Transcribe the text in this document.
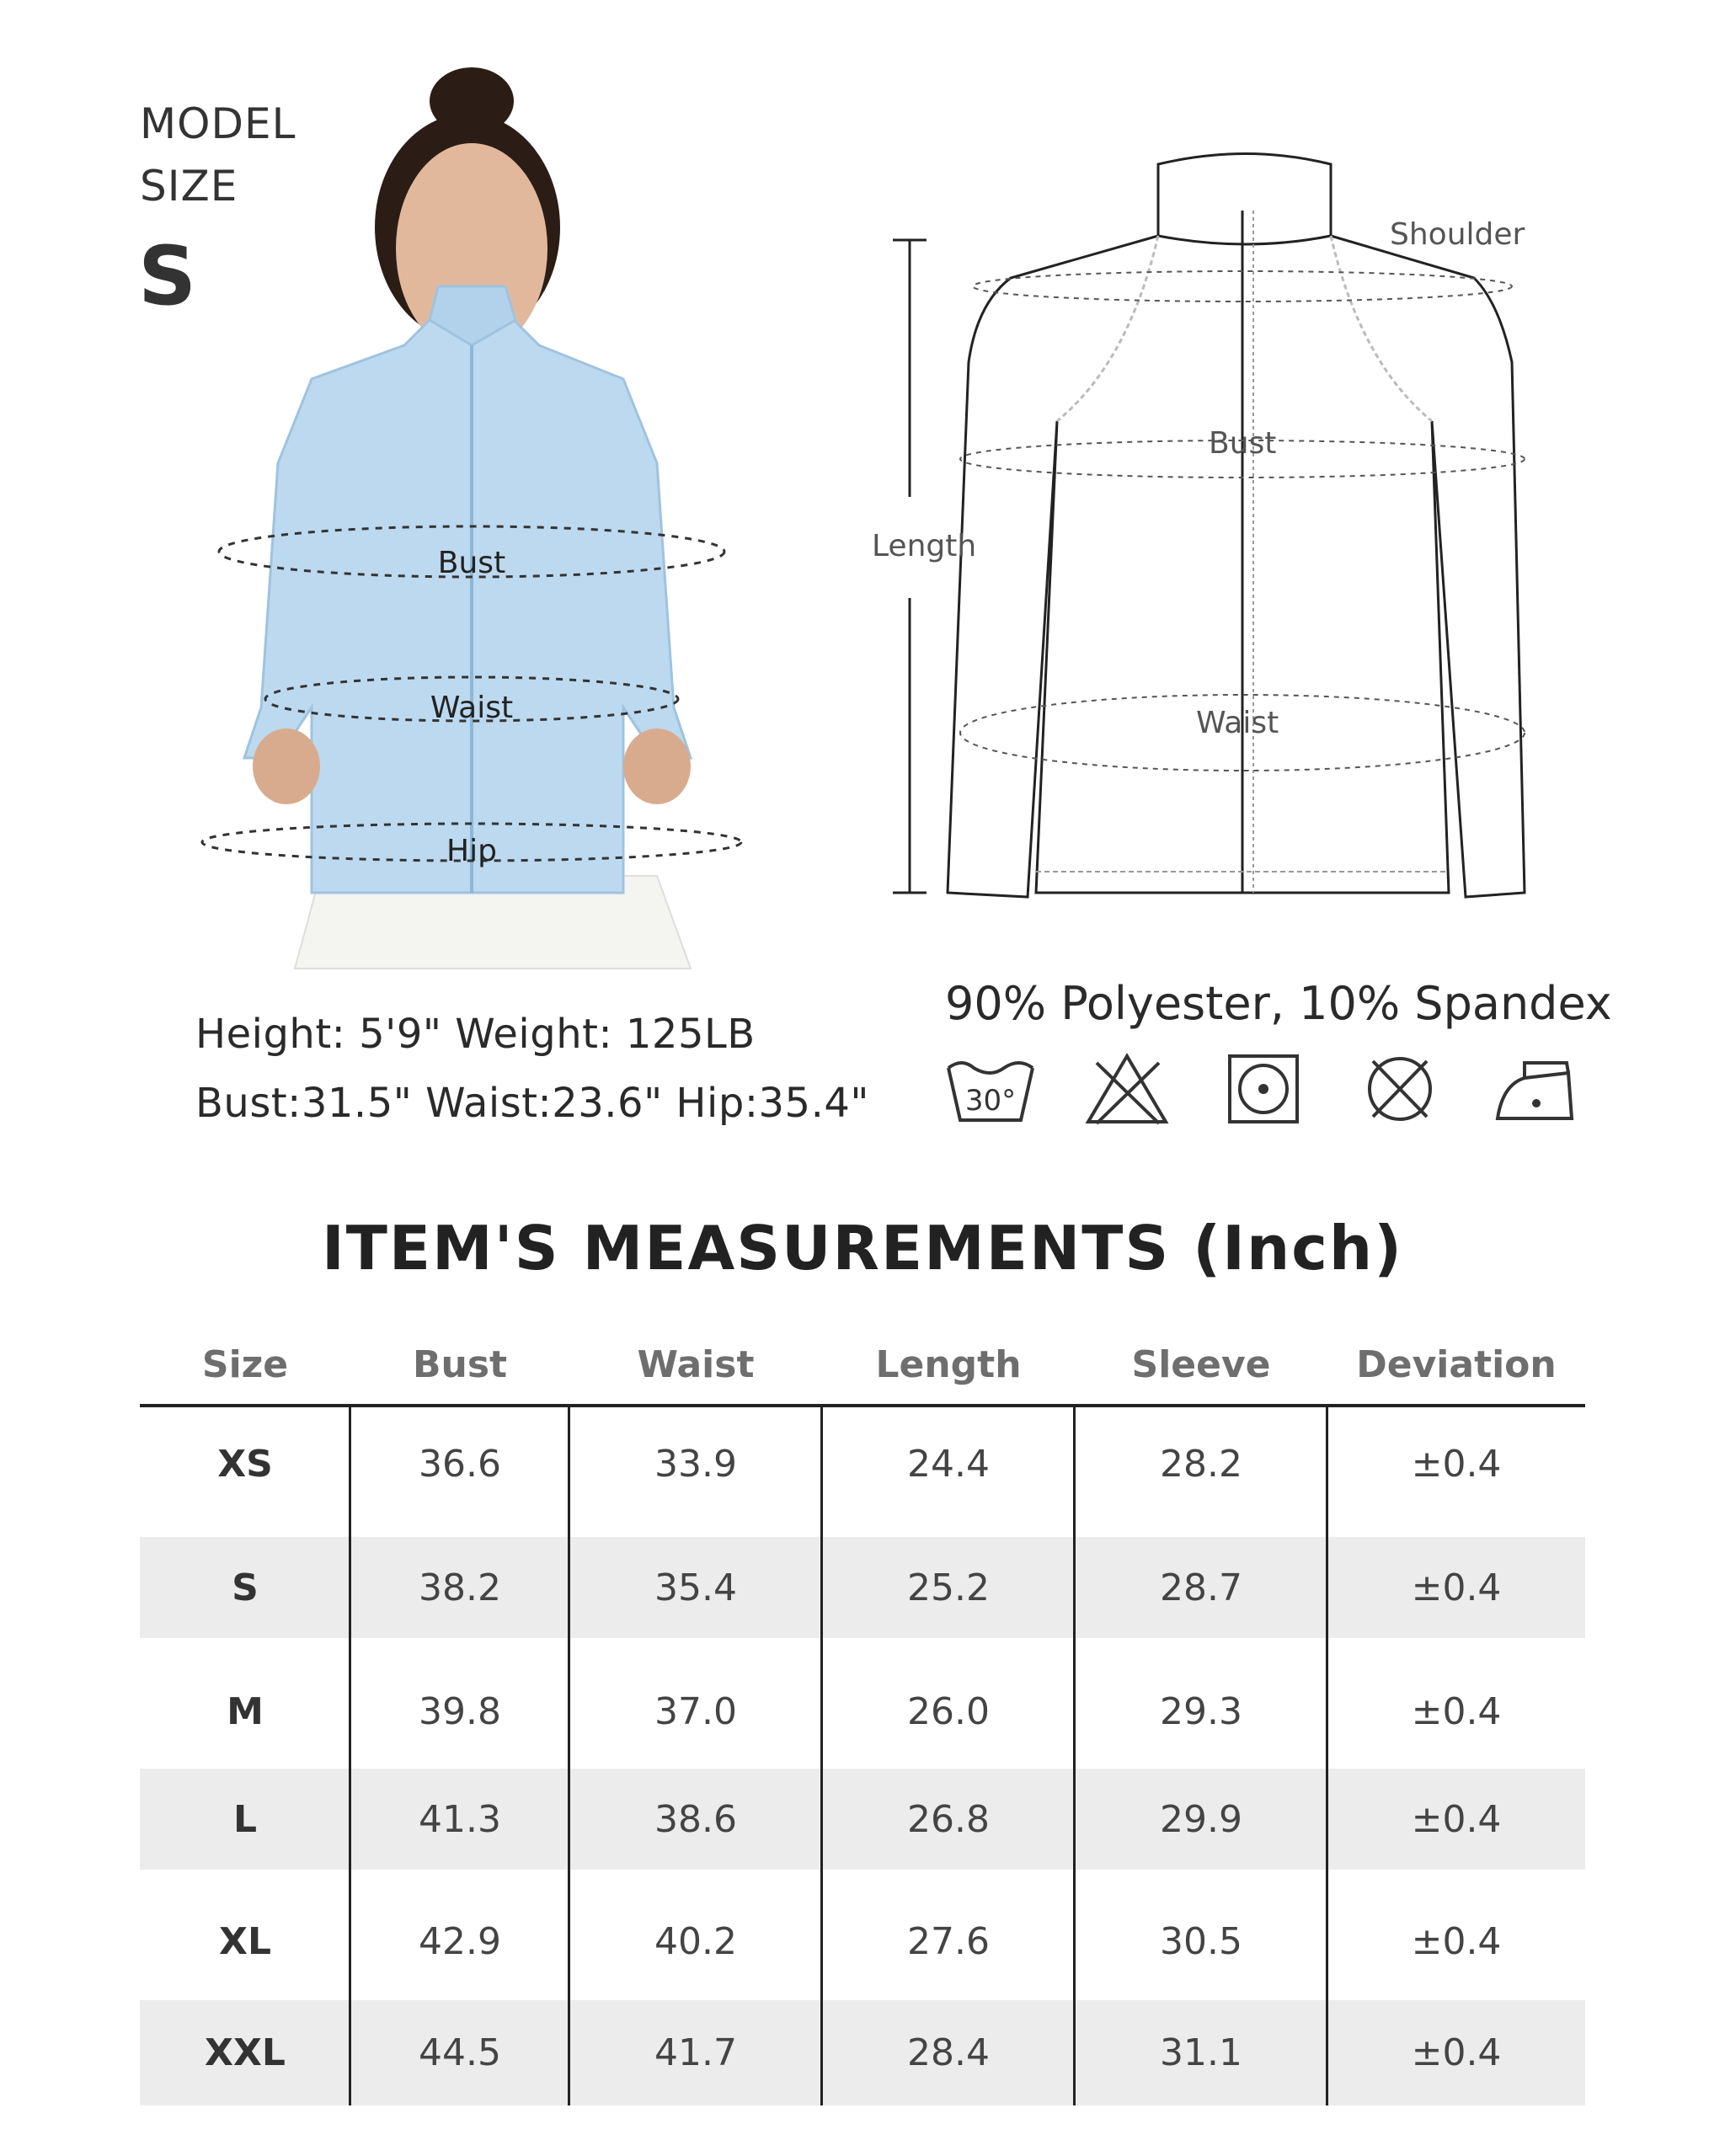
MODEL
SIZE
S
Bust
Waist
Hip
Shoulder
Bust
Length
Waist
Height: 5'9" Weight: 125LB
Bust:31.5" Waist:23.6" Hip:35.4"
90% Polyester, 10% Spandex
30°
ITEM'S MEASUREMENTS (Inch)
Size	Bust	Waist	Length	Sleeve	Deviation
XS	36.6	33.9	24.4	28.2	±0.4
S	38.2	35.4	25.2	28.7	±0.4
M	39.8	37.0	26.0	29.3	±0.4
L	41.3	38.6	26.8	29.9	±0.4
XL	42.9	40.2	27.6	30.5	±0.4
XXL	44.5	41.7	28.4	31.1	±0.4
